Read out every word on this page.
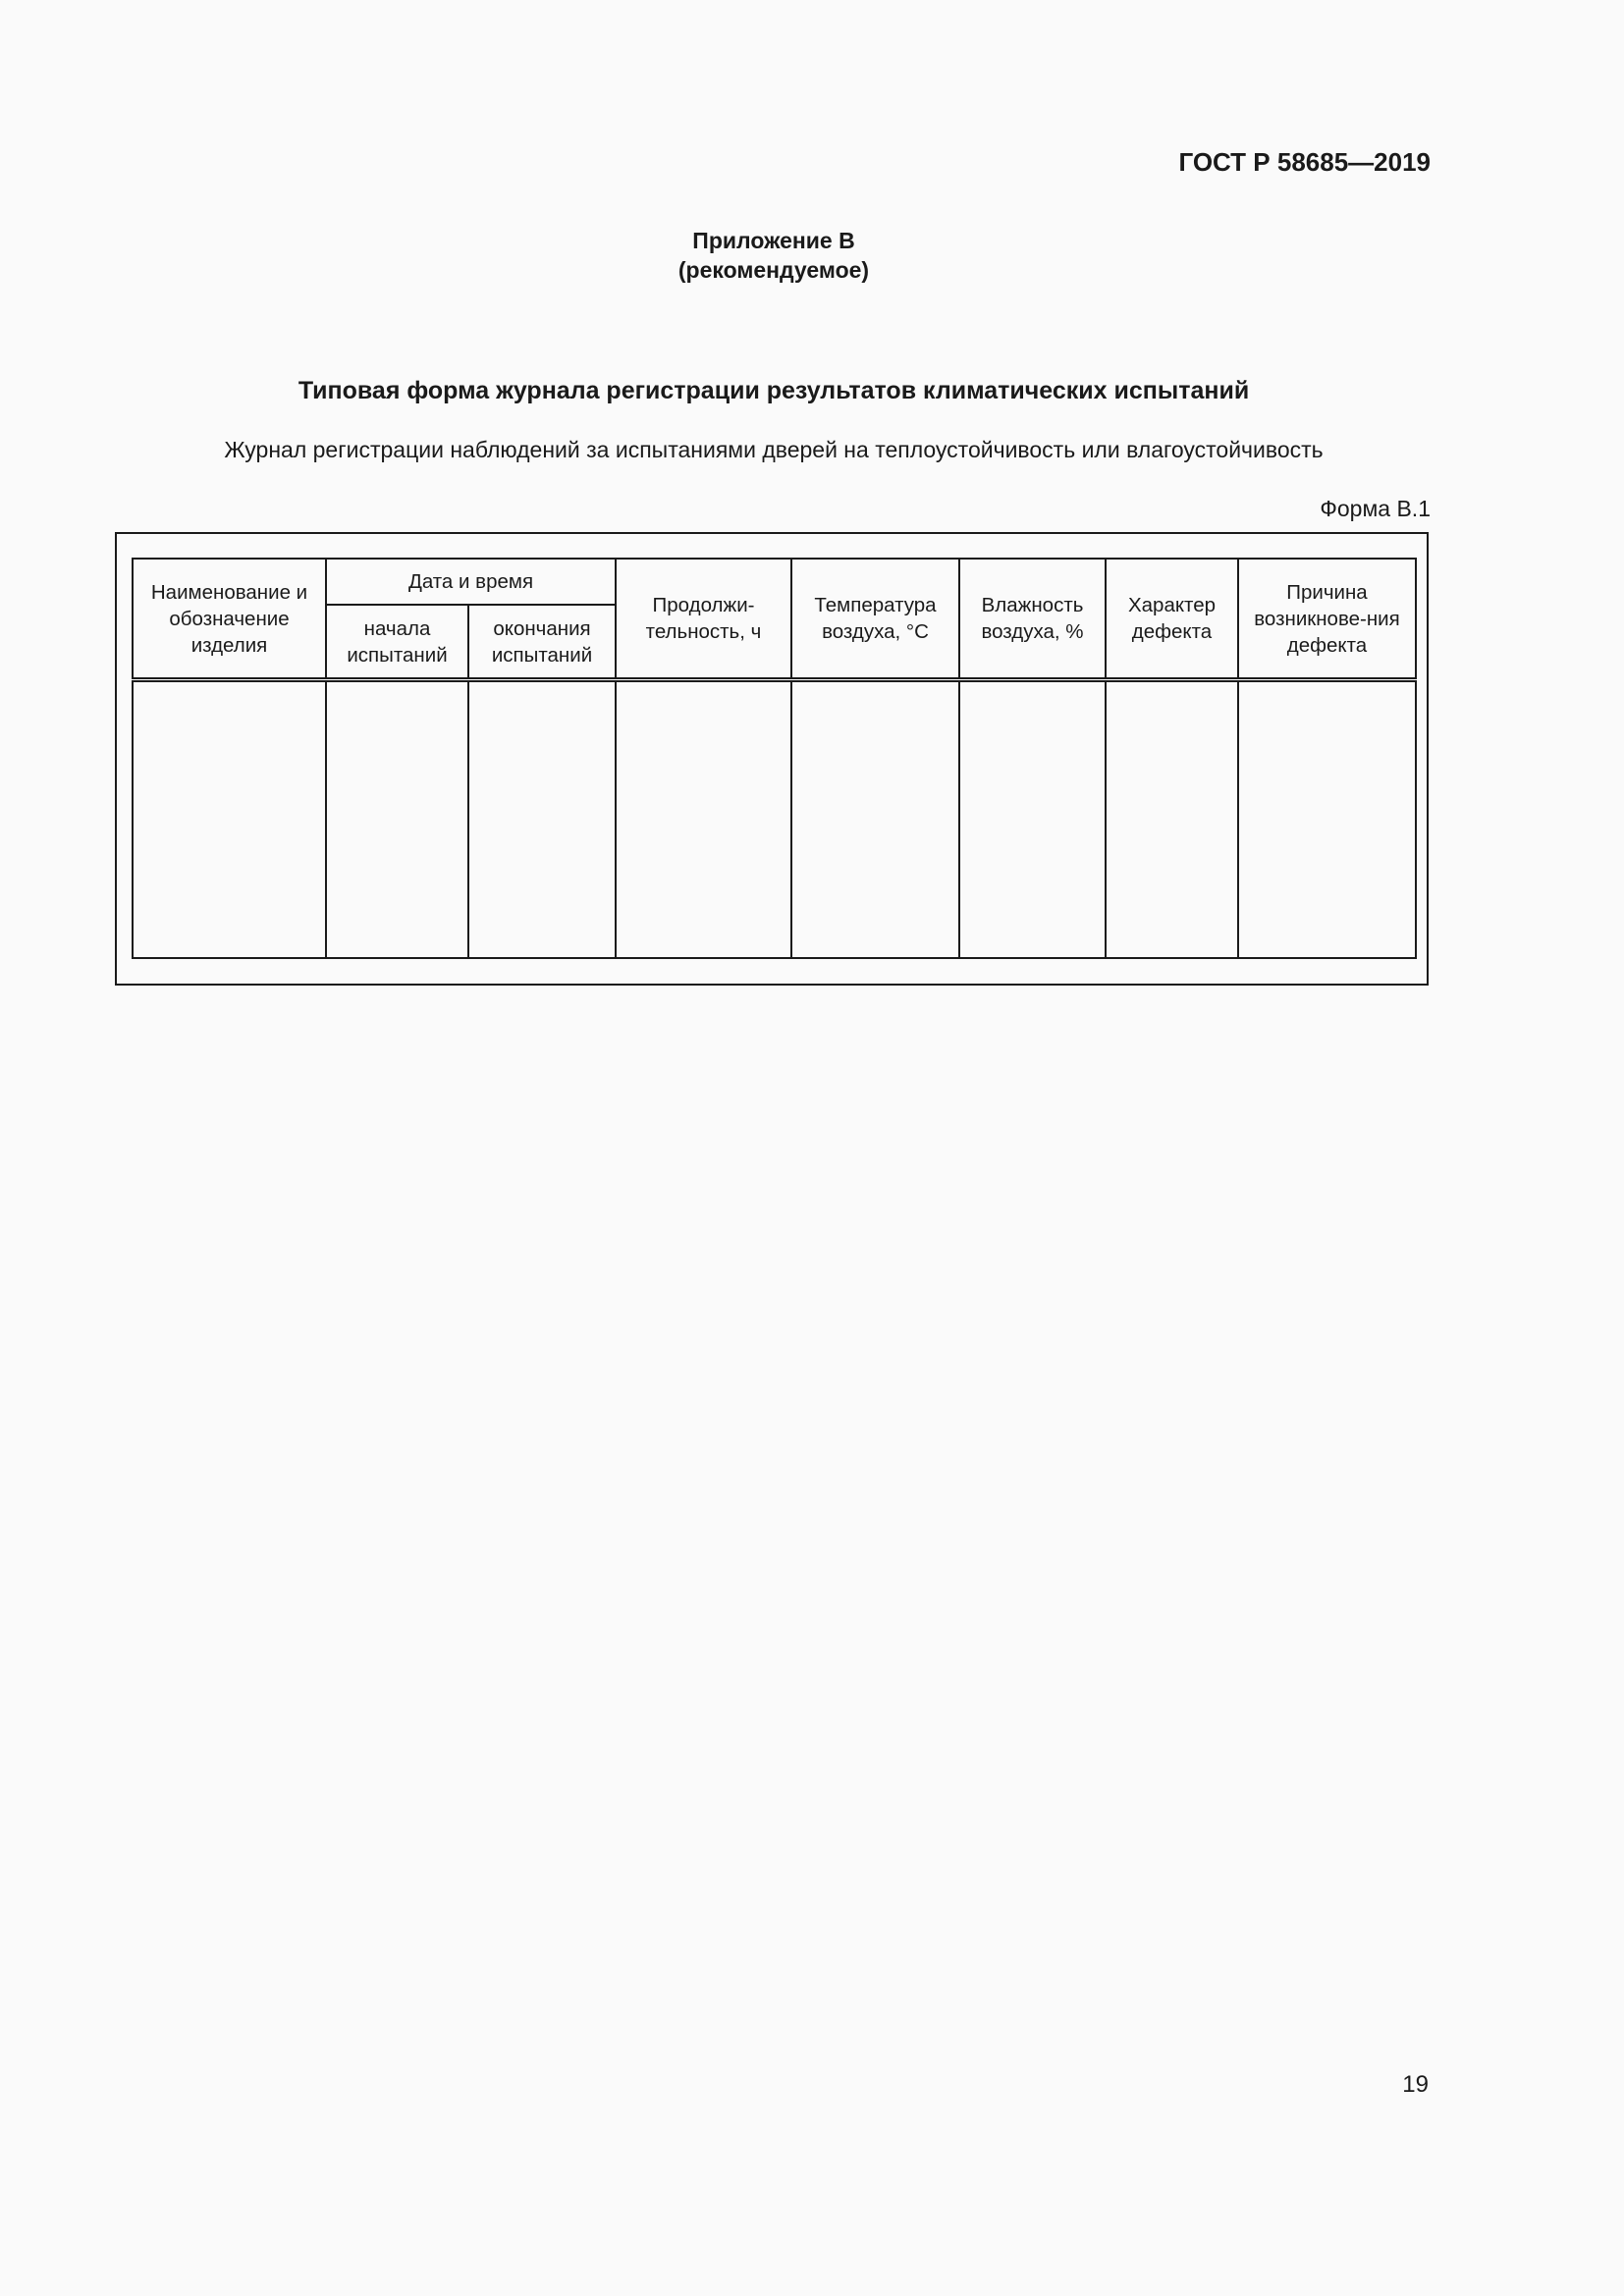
ГОСТ Р 58685—2019
Приложение В
(рекомендуемое)
Типовая форма журнала регистрации результатов климатических испытаний
Журнал регистрации наблюдений за испытаниями дверей на теплоустойчивость или влагоустойчивость
Форма В.1
Наименование и обозначение изделия	Дата и время		Продолжи-тельность, ч	Температура воздуха, °С	Влажность воздуха, %	Характер дефекта	Причина возникнове-ния дефекта
	начала испытаний	окончания испытаний					

19
